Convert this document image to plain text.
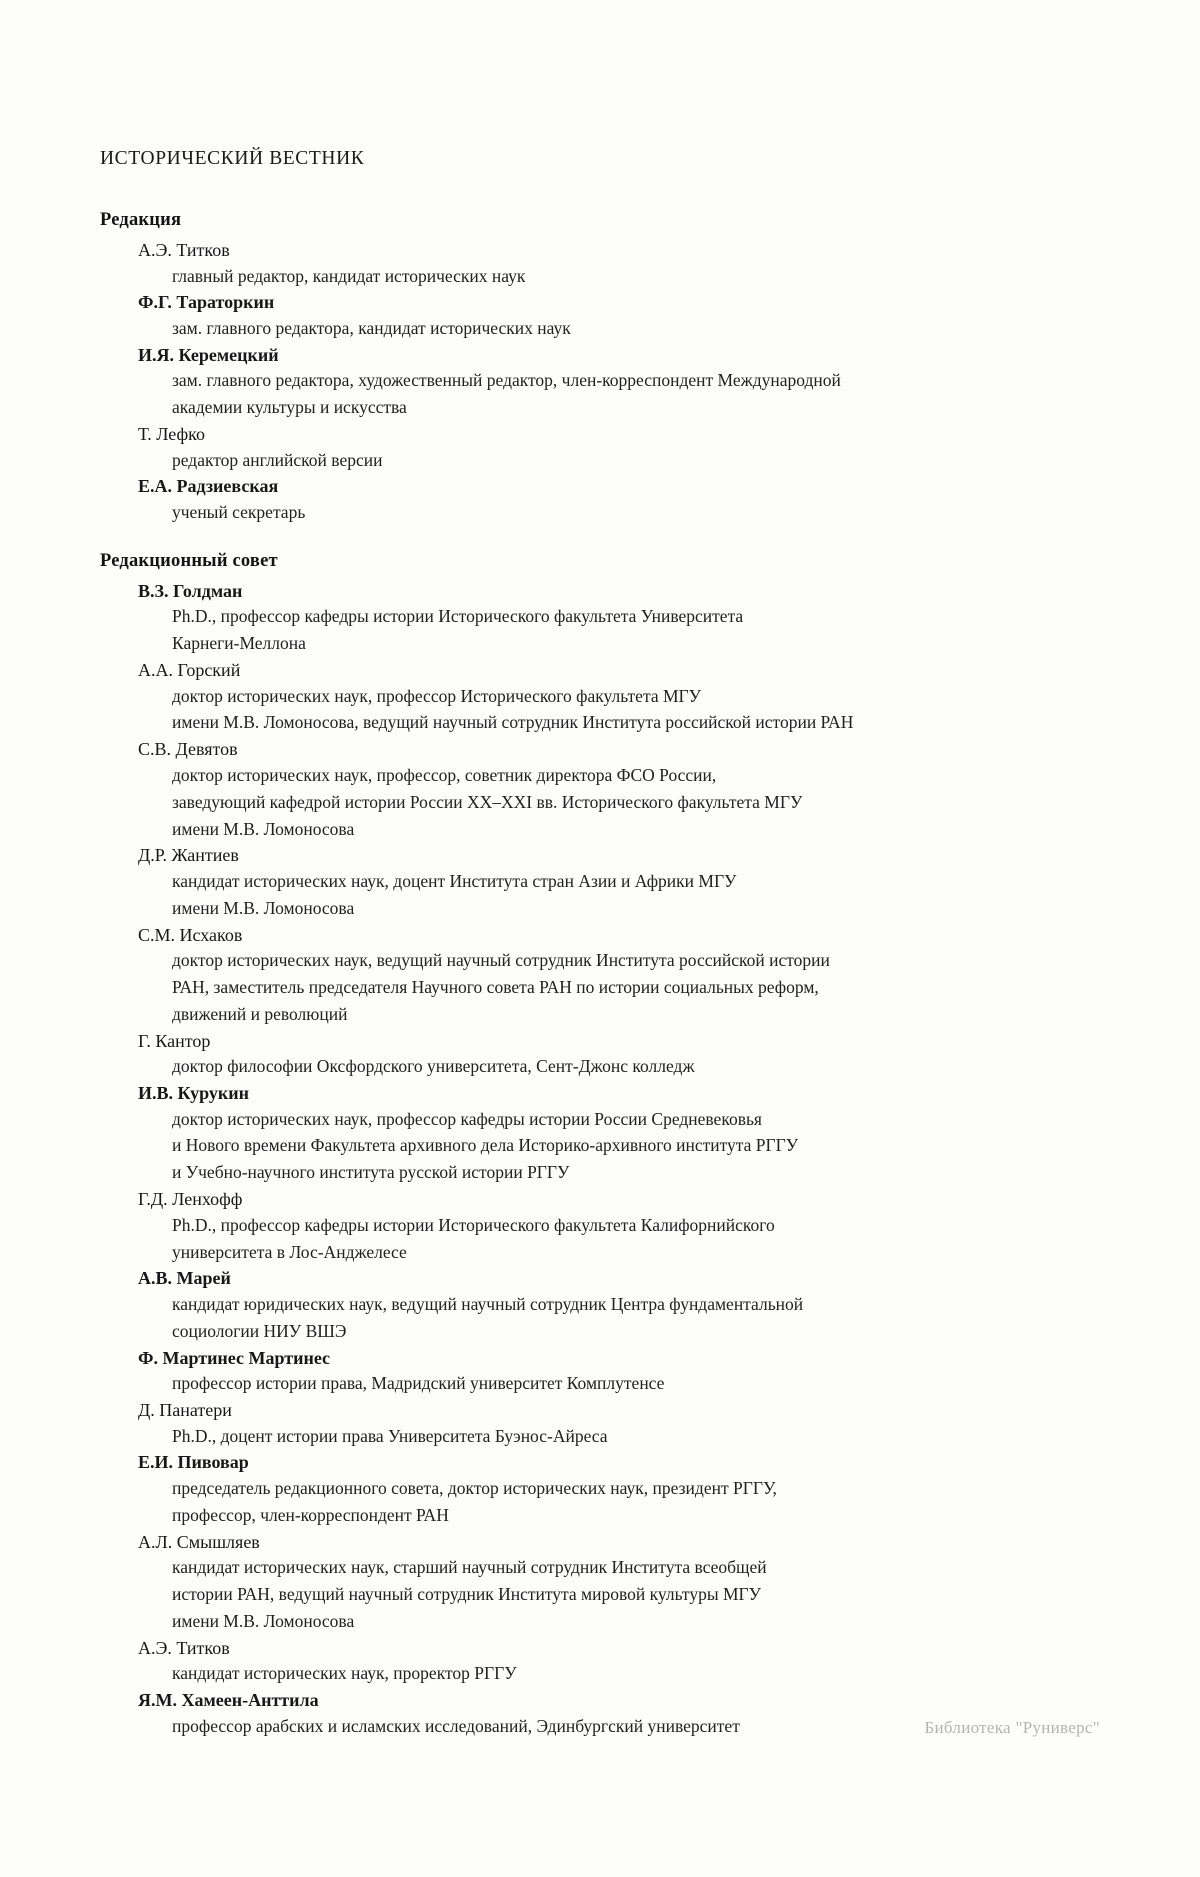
ИСТОРИЧЕСКИЙ ВЕСТНИК
Редакция
А.Э. Титков
главный редактор, кандидат исторических наук
Ф.Г. Тараторкин
зам. главного редактора, кандидат исторических наук
И.Я. Керемецкий
зам. главного редактора, художественный редактор, член-корреспондент Международной
академии культуры и искусства
Т. Лефко
редактор английской версии
Е.А. Радзиевская
ученый секретарь
Редакционный совет
В.З. Голдман
Ph.D., профессор кафедры истории Исторического факультета Университета
Карнеги-Меллона
А.А. Горский
доктор исторических наук, профессор Исторического факультета МГУ
имени М.В. Ломоносова, ведущий научный сотрудник Института российской истории РАН
С.В. Девятов
доктор исторических наук, профессор, советник директора ФСО России,
заведующий кафедрой истории России XX–XXI вв. Исторического факультета МГУ
имени М.В. Ломоносова
Д.Р. Жантиев
кандидат исторических наук, доцент Института стран Азии и Африки МГУ
имени М.В. Ломоносова
С.М. Исхаков
доктор исторических наук, ведущий научный сотрудник Института российской истории
РАН, заместитель председателя Научного совета РАН по истории социальных реформ,
движений и революций
Г. Кантор
доктор философии Оксфордского университета, Сент-Джонс колледж
И.В. Курукин
доктор исторических наук, профессор кафедры истории России Средневековья
и Нового времени Факультета архивного дела Историко-архивного института РГГУ
и Учебно-научного института русской истории РГГУ
Г.Д. Ленхофф
Ph.D., профессор кафедры истории Исторического факультета Калифорнийского
университета в Лос-Анджелесе
А.В. Марей
кандидат юридических наук, ведущий научный сотрудник Центра фундаментальной
социологии НИУ ВШЭ
Ф. Мартинес Мартинес
профессор истории права, Мадридский университет Комплутенсе
Д. Панатери
Ph.D., доцент истории права Университета Буэнос-Айреса
Е.И. Пивовар
председатель редакционного совета, доктор исторических наук, президент РГГУ,
профессор, член-корреспондент РАН
А.Л. Смышляев
кандидат исторических наук, старший научный сотрудник Института всеобщей
истории РАН, ведущий научный сотрудник Института мировой культуры МГУ
имени М.В. Ломоносова
А.Э. Титков
кандидат исторических наук, проректор РГГУ
Я.М. Хамеен-Анттила
профессор арабских и исламских исследований, Эдинбургский университет	Библиотека "Руниверс"
